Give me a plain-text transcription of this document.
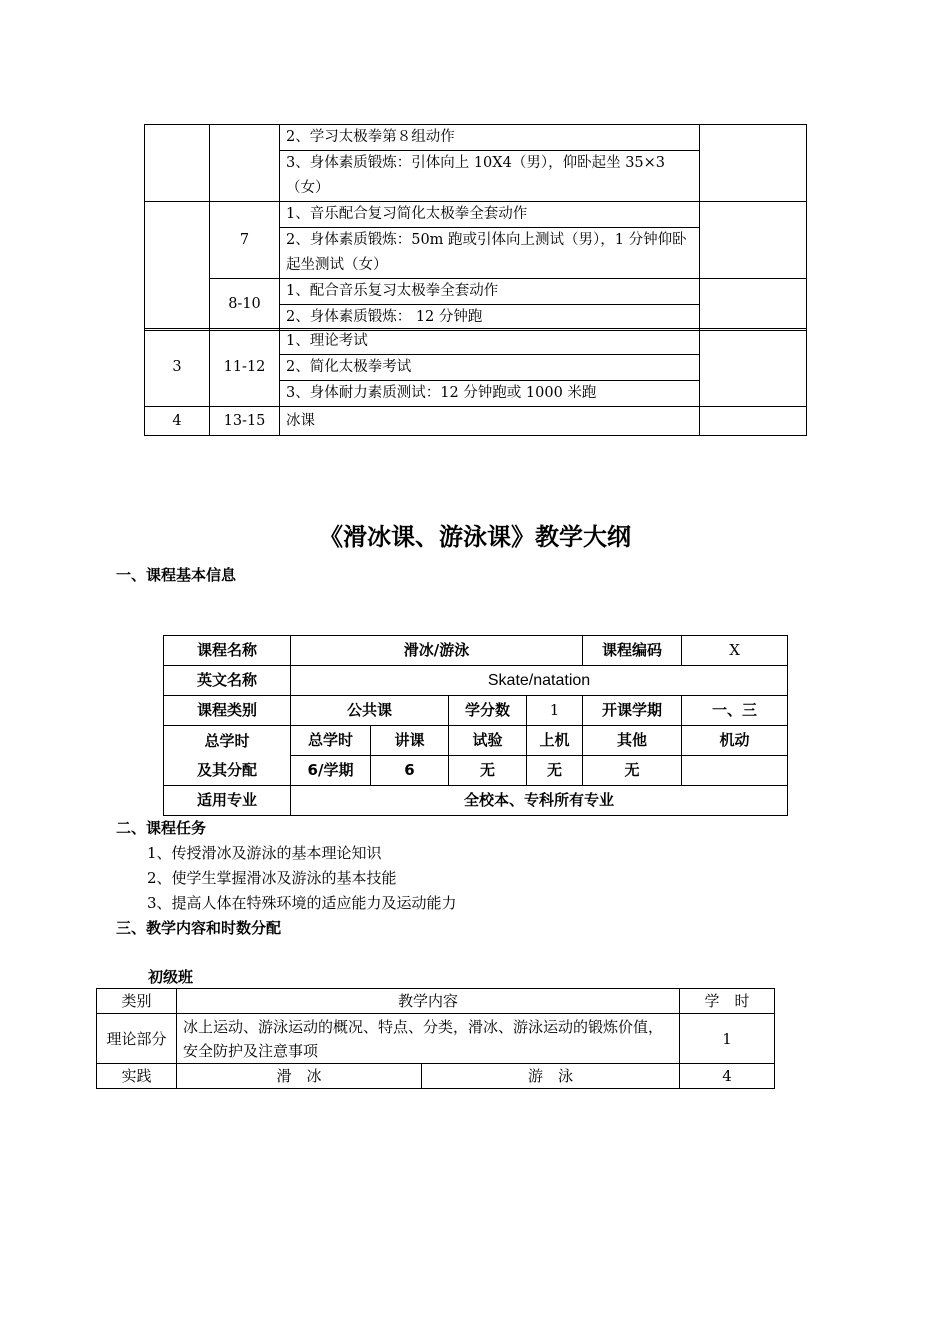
		2、学习太极拳第８组动作	
		3、身体素质锻炼：引体向上 10X4（男），仰卧起坐 35×3（女）	
	7	1、音乐配合复习简化太极拳全套动作	
		2、身体素质锻炼：50m 跑或引体向上测试（男），1 分钟仰卧起坐测试（女）	
	8-10	1、配合音乐复习太极拳全套动作	
		2、身体素质锻炼： 12 分钟跑	
3	11-12	1、理论考试	
		2、简化太极拳考试	
		3、身体耐力素质测试：12 分钟跑或 1000 米跑	
4	13-15	冰课	
《滑冰课、游泳课》教学大纲
一、课程基本信息
课程名称	滑冰/游泳				课程编码	X
英文名称	Skate/natation					
课程类别	公共课		学分数	1	开课学期	一、三

总学时
及其分配	总学时	讲课	试验	上机	其他	机动
	6/学期	6	无	无	无	
适用专业	全校本、专科所有专业					
二、课程任务
1、传授滑冰及游泳的基本理论知识
2、使学生掌握滑冰及游泳的基本技能
3、提高人体在特殊环境的适应能力及运动能力
三、教学内容和时数分配
初级班
类别	教学内容		学　时
理论部分	冰上运动、游泳运动的概况、特点、分类，滑冰、游泳运动的锻炼价值，安全防护及注意事项		1
实践	滑　冰	游　泳	4
